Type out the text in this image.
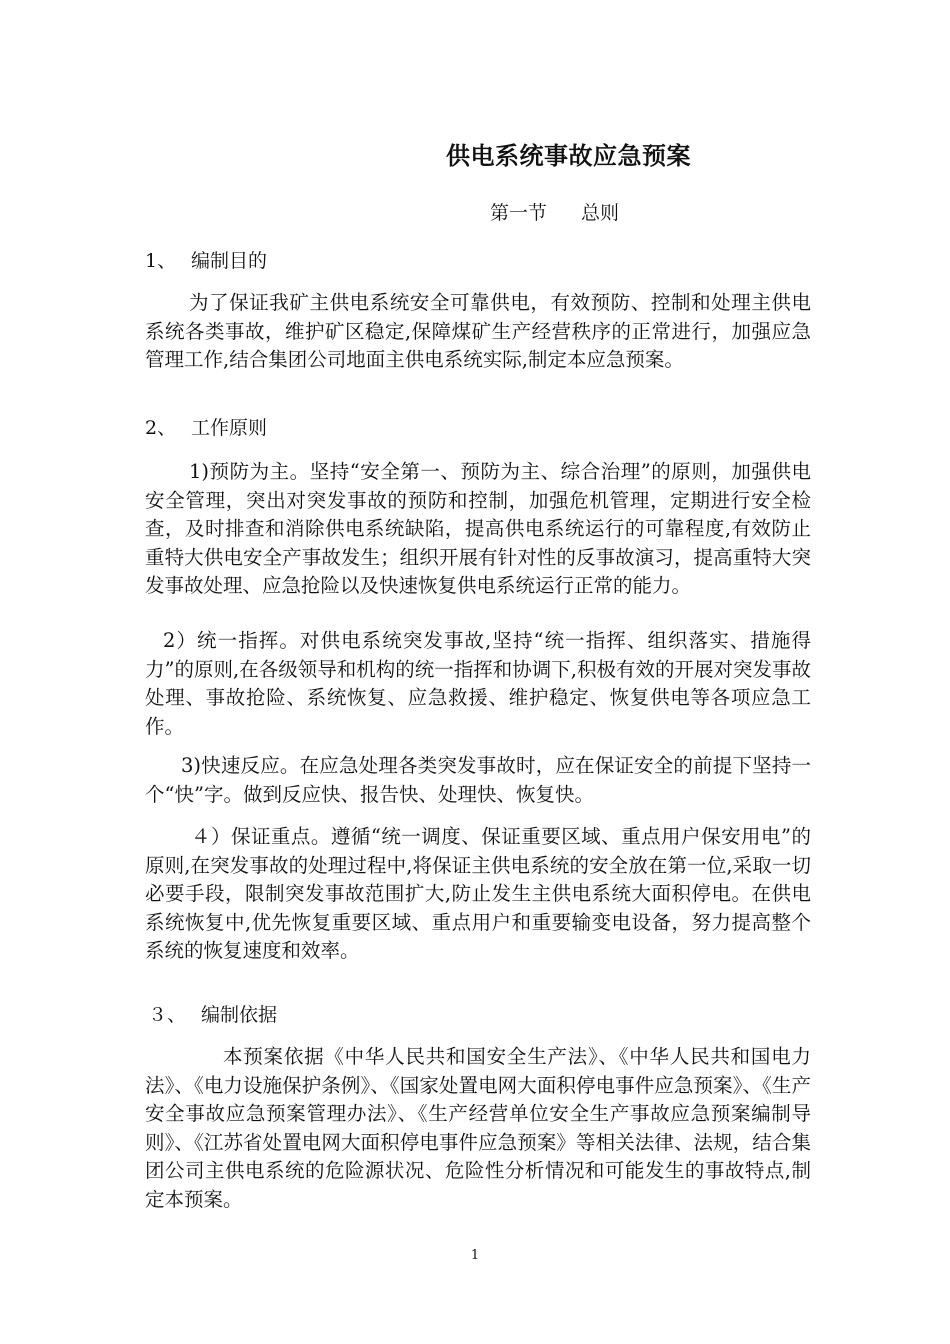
供电系统事故应急预案
第一节 总则
1、 编制目的

为了保证我矿主供电系统安全可靠供电，有效预防、控制和处理主供电系统各类事故，维护矿区稳定,保障煤矿生产经营秩序的正常进行，加强应急管理工作,结合集团公司地面主供电系统实际,制定本应急预案。

2、 工作原则

1)预防为主。坚持“安全第一、预防为主、综合治理”的原则，加强供电安全管理，突出对突发事故的预防和控制，加强危机管理，定期进行安全检查，及时排查和消除供电系统缺陷，提高供电系统运行的可靠程度,有效防止重特大供电安全产事故发生；组织开展有针对性的反事故演习，提高重特大突发事故处理、应急抢险以及快速恢复供电系统运行正常的能力。

2）统一指挥。对供电系统突发事故,坚持“统一指挥、组织落实、措施得力”的原则,在各级领导和机构的统一指挥和协调下,积极有效的开展对突发事故处理、事故抢险、系统恢复、应急救援、维护稳定、恢复供电等各项应急工作。

3)快速反应。在应急处理各类突发事故时，应在保证安全的前提下坚持一个“快”字。做到反应快、报告快、处理快、恢复快。

４）保证重点。遵循“统一调度、保证重要区域、重点用户保安用电”的原则,在突发事故的处理过程中,将保证主供电系统的安全放在第一位,采取一切必要手段，限制突发事故范围扩大,防止发生主供电系统大面积停电。在供电系统恢复中,优先恢复重要区域、重点用户和重要输变电设备，努力提高整个系统的恢复速度和效率。

３、 编制依据

本预案依据《中华人民共和国安全生产法》、《中华人民共和国电力法》、《电力设施保护条例》、《国家处置电网大面积停电事件应急预案》、《生产安全事故应急预案管理办法》、《生产经营单位安全生产事故应急预案编制导则》、《江苏省处置电网大面积停电事件应急预案》等相关法律、法规，结合集团公司主供电系统的危险源状况、危险性分析情况和可能发生的事故特点,制定本预案。

1
